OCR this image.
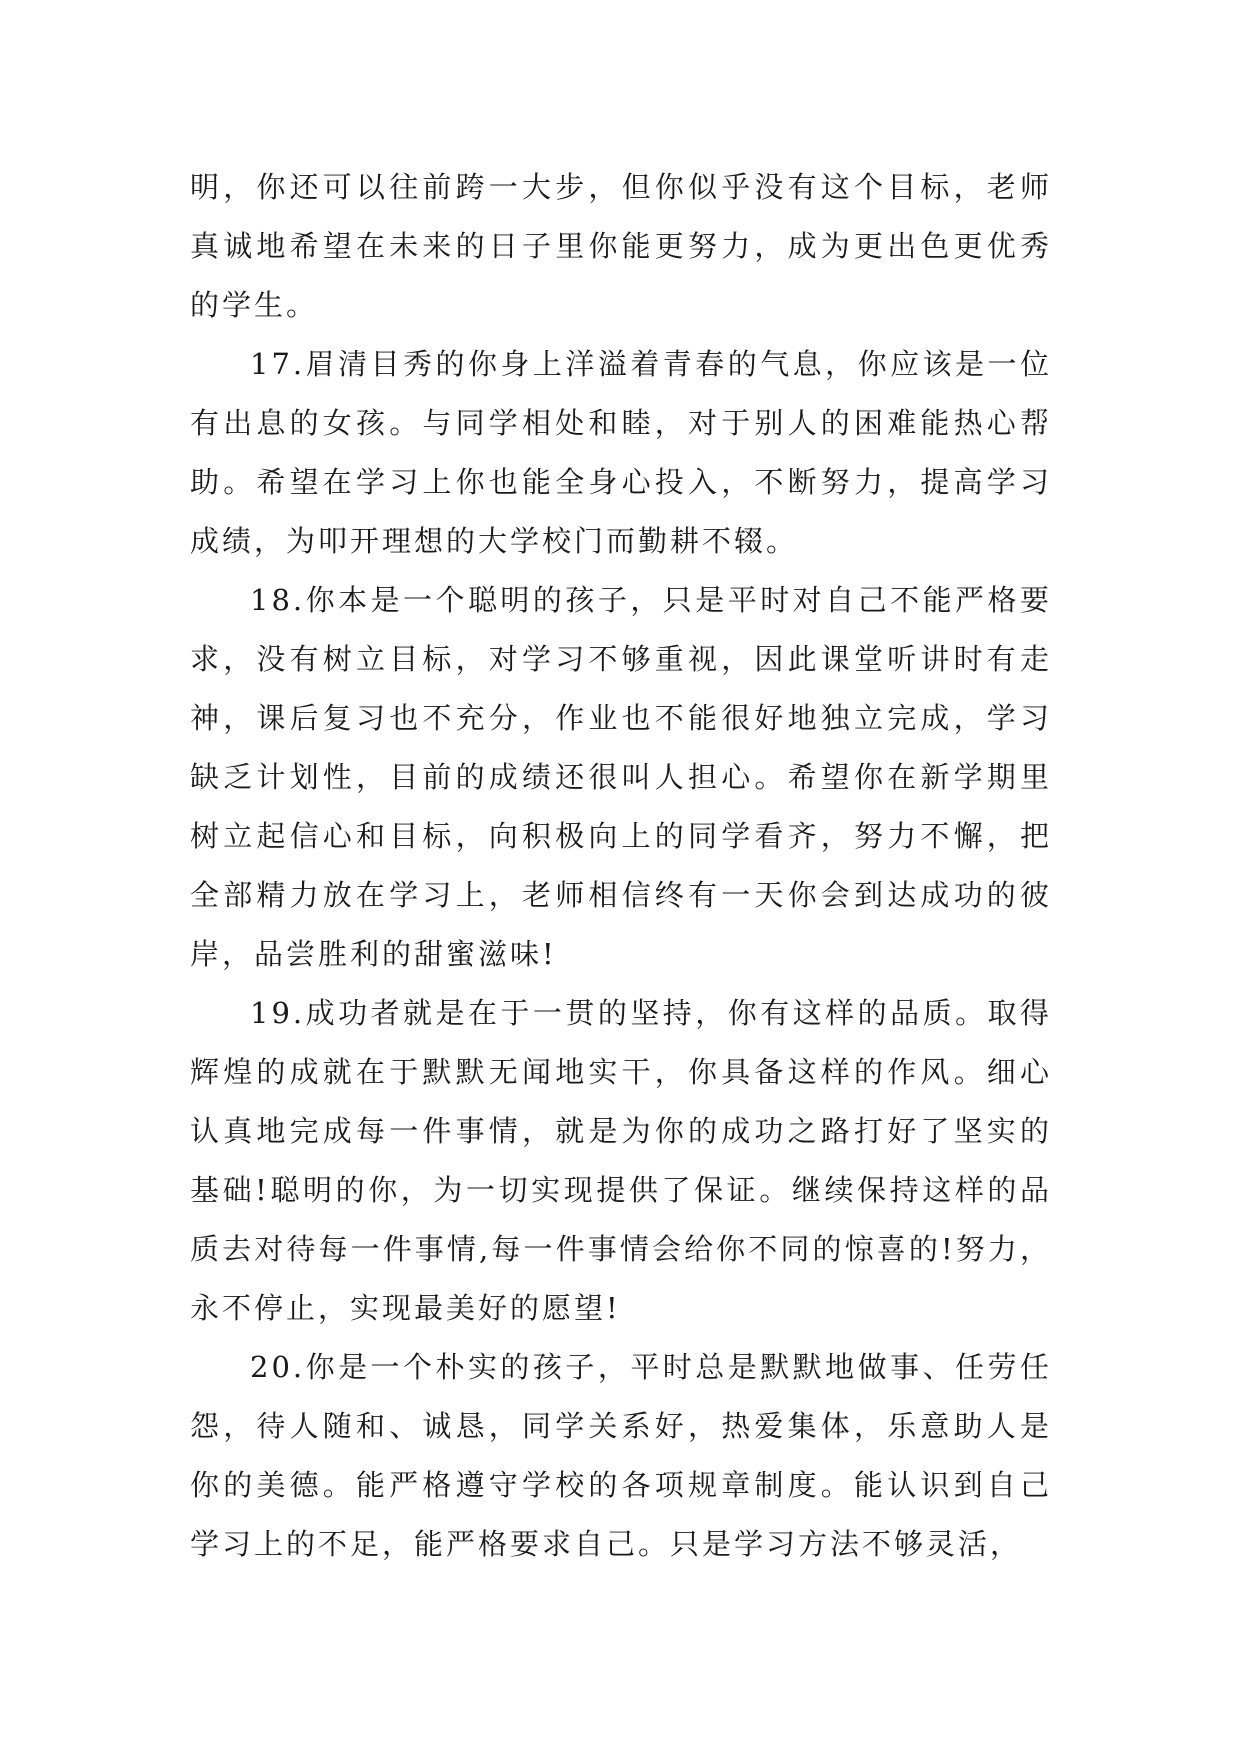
明，你还可以往前跨一大步，但你似乎没有这个目标，老师真诚地希望在未来的日子里你能更努力，成为更出色更优秀的学生。

17.眉清目秀的你身上洋溢着青春的气息，你应该是一位有出息的女孩。与同学相处和睦，对于别人的困难能热心帮助。希望在学习上你也能全身心投入，不断努力，提高学习成绩，为叩开理想的大学校门而勤耕不辍。

18.你本是一个聪明的孩子，只是平时对自己不能严格要求，没有树立目标，对学习不够重视，因此课堂听讲时有走神，课后复习也不充分，作业也不能很好地独立完成，学习缺乏计划性，目前的成绩还很叫人担心。希望你在新学期里树立起信心和目标，向积极向上的同学看齐，努力不懈，把全部精力放在学习上，老师相信终有一天你会到达成功的彼岸，品尝胜利的甜蜜滋味!

19.成功者就是在于一贯的坚持，你有这样的品质。取得辉煌的成就在于默默无闻地实干，你具备这样的作风。细心认真地完成每一件事情，就是为你的成功之路打好了坚实的基础!聪明的你，为一切实现提供了保证。继续保持这样的品质去对待每一件事情,每一件事情会给你不同的惊喜的!努力，永不停止，实现最美好的愿望!

20.你是一个朴实的孩子，平时总是默默地做事、任劳任怨，待人随和、诚恳，同学关系好，热爱集体，乐意助人是你的美德。能严格遵守学校的各项规章制度。能认识到自己学习上的不足，能严格要求自己。只是学习方法不够灵活，
